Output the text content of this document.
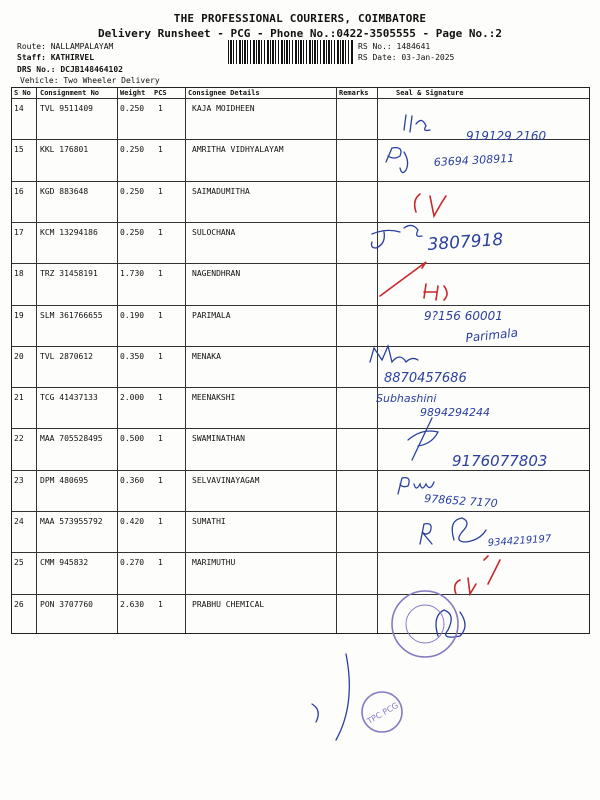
THE PROFESSIONAL COURIERS, COIMBATORE
Delivery Runsheet - PCG - Phone No.:0422-3505555 - Page No.:2
Route: NALLAMPALAYAM
Staff: KATHIRVEL
DRS No.: DCJB148464102
Vehicle: Two Wheeler Delivery
RS No.: 1484641
RS Date: 03-Jan-2025
S No Consignment No	Weight PCS	Consignee Details	Remarks	Seal & Signature
14 TVL 9511409	0.250 1	KAJA MOIDHEEN
15 KKL 176801	0.250 1	AMRITHA VIDHYALAYAM
16 KGD 883648	0.250 1	SAIMADUMITHA
17 KCM 13294186	0.250 1	SULOCHANA
18 TRZ 31458191	1.730 1	NAGENDHRAN
19 SLM 361766655 0.190 1	PARIMALA
20 TVL 2870612	0.350 1	MENAKA
21 TCG 41437133	2.000 1	MEENAKSHI
22 MAA 705528495 0.500 1	SWAMINATHAN
23 DPM 480695	0.360 1	SELVAVINAYAGAM
24 MAA 573955792 0.420 1	SUMATHI
25 CMM 945832	0.270 1	MARIMUTHU
26 PON 3707760	2.630 1	PRABHU CHEMICAL
919129 2160
63694 308911
3807918
9?156 60001
Parimala
8870457686
Subhashini
9894294244
9176077803
978652 7170
9344219197
TPC PCG
